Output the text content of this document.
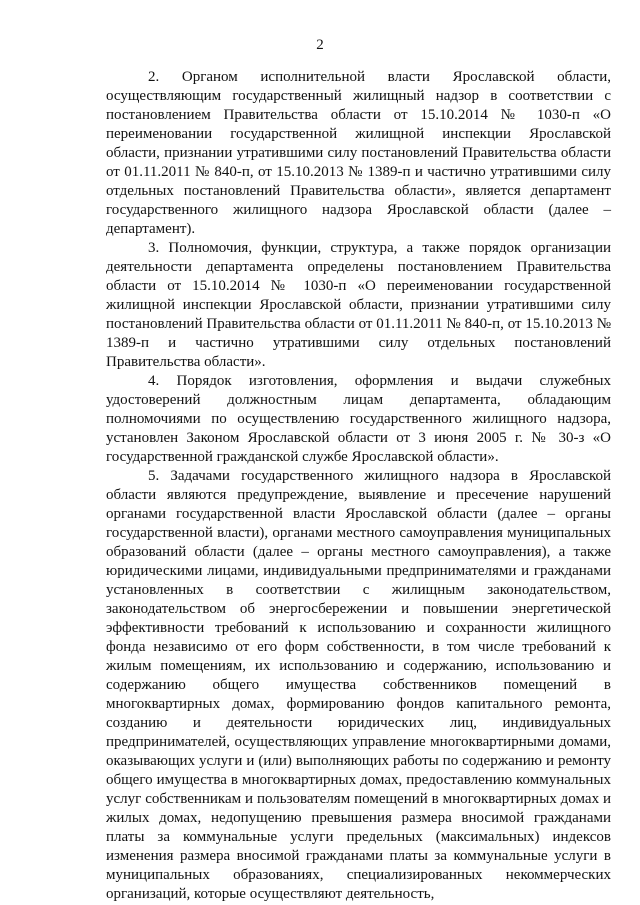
2

2. Органом исполнительной власти Ярославской области, осуществляющим государственный жилищный надзор в соответствии с постановлением Правительства области от 15.10.2014 № 1030-п «О переименовании государственной жилищной инспекции Ярославской области, признании утратившими силу постановлений Правительства области от 01.11.2011 № 840-п, от 15.10.2013 № 1389-п и частично утратившими силу отдельных постановлений Правительства области», является департамент государственного жилищного надзора Ярославской области (далее – департамент).

3. Полномочия, функции, структура, а также порядок организации деятельности департамента определены постановлением Правительства области от 15.10.2014 № 1030-п «О переименовании государственной жилищной инспекции Ярославской области, признании утратившими силу постановлений Правительства области от 01.11.2011 № 840-п, от 15.10.2013 № 1389-п и частично утратившими силу отдельных постановлений Правительства области».

4. Порядок изготовления, оформления и выдачи служебных удостоверений должностным лицам департамента, обладающим полномочиями по осуществлению государственного жилищного надзора, установлен Законом Ярославской области от 3 июня 2005 г. № 30-з «О государственной гражданской службе Ярославской области».

5. Задачами государственного жилищного надзора в Ярославской области являются предупреждение, выявление и пресечение нарушений органами государственной власти Ярославской области (далее – органы государственной власти), органами местного самоуправления муниципальных образований области (далее – органы местного самоуправления), а также юридическими лицами, индивидуальными предпринимателями и гражданами установленных в соответствии с жилищным законодательством, законодательством об энергосбережении и повышении энергетической эффективности требований к использованию и сохранности жилищного фонда независимо от его форм собственности, в том числе требований к жилым помещениям, их использованию и содержанию, использованию и содержанию общего имущества собственников помещений в многоквартирных домах, формированию фондов капитального ремонта, созданию и деятельности юридических лиц, индивидуальных предпринимателей, осуществляющих управление многоквартирными домами, оказывающих услуги и (или) выполняющих работы по содержанию и ремонту общего имущества в многоквартирных домах, предоставлению коммунальных услуг собственникам и пользователям помещений в многоквартирных домах и жилых домах, недопущению превышения размера вносимой гражданами платы за коммунальные услуги предельных (максимальных) индексов изменения размера вносимой гражданами платы за коммунальные услуги в муниципальных образованиях, специализированных некоммерческих организаций, которые осуществляют деятельность,
